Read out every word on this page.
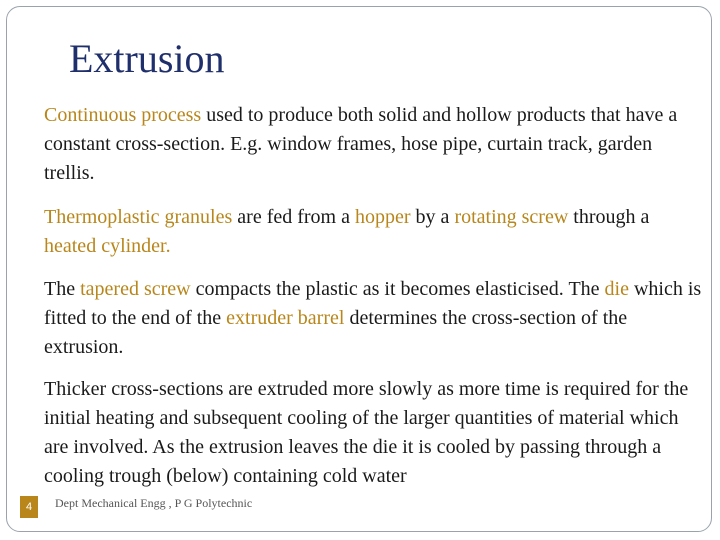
Extrusion
Continuous process used to produce both solid and hollow products that have a constant cross-section. E.g. window frames, hose pipe, curtain track, garden trellis.
Thermoplastic granules are fed from a hopper by a rotating screw through a heated cylinder.
The tapered screw compacts the plastic as it becomes elasticised. The die which is fitted to the end of the extruder barrel determines the cross-section of the extrusion.
Thicker cross-sections are extruded more slowly as more time is required for the initial heating and subsequent cooling of the larger quantities of material which are involved. As the extrusion leaves the die it is cooled by passing through a cooling trough (below) containing cold water
4	Dept Mechanical Engg , P G Polytechnic
